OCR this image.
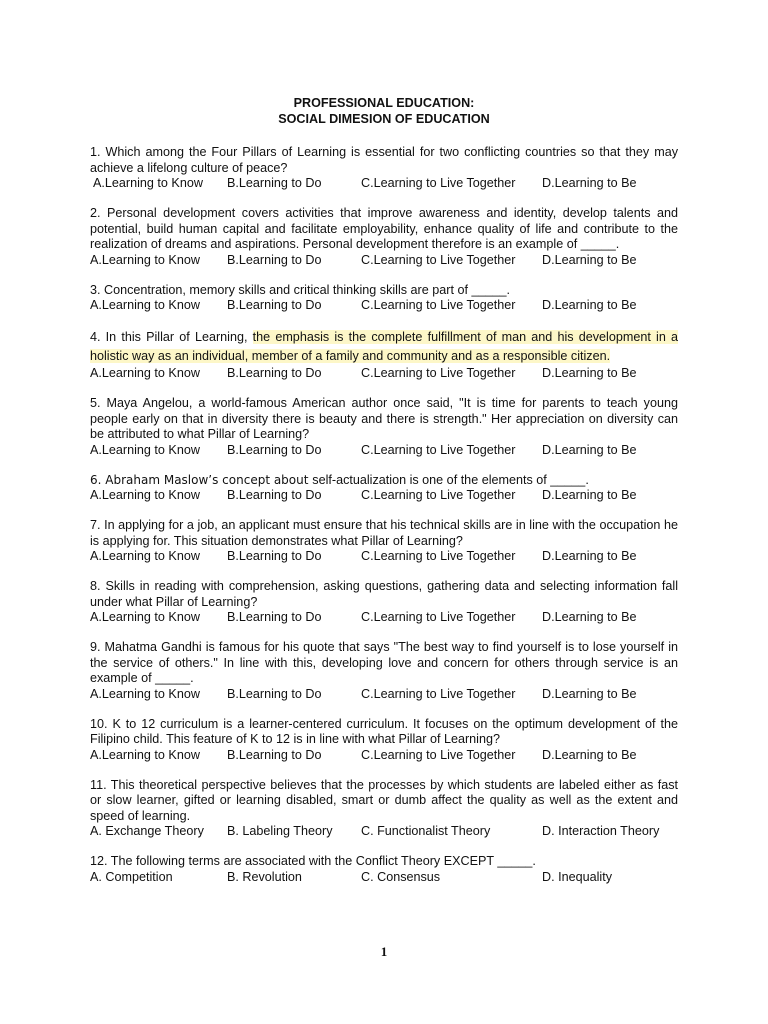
PROFESSIONAL EDUCATION:
SOCIAL DIMESION OF EDUCATION
1. Which among the Four Pillars of Learning is essential for two conflicting countries so that they may achieve a lifelong culture of peace?
A.Learning to Know B.Learning to Do	C.Learning to Live Together D.Learning to Be
2. Personal development covers activities that improve awareness and identity, develop talents and potential, build human capital and facilitate employability, enhance quality of life and contribute to the realization of dreams and aspirations. Personal development therefore is an example of _____.
A.Learning to Know B.Learning to Do	C.Learning to Live Together D.Learning to Be
3. Concentration, memory skills and critical thinking skills are part of _____.
A.Learning to Know B.Learning to Do	C.Learning to Live Together D.Learning to Be
4. In this Pillar of Learning, the emphasis is the complete fulfillment of man and his development in a holistic way as an individual, member of a family and community and as a responsible citizen.
A.Learning to Know B.Learning to Do	C.Learning to Live Together D.Learning to Be
5. Maya Angelou, a world-famous American author once said, "It is time for parents to teach young people early on that in diversity there is beauty and there is strength." Her appreciation on diversity can be attributed to what Pillar of Learning?
A.Learning to Know B.Learning to Do	C.Learning to Live Together D.Learning to Be
6. Abraham Maslow’s concept about self-actualization is one of the elements of _____.
A.Learning to Know B.Learning to Do	C.Learning to Live Together D.Learning to Be
7. In applying for a job, an applicant must ensure that his technical skills are in line with the occupation he is applying for. This situation demonstrates what Pillar of Learning?
A.Learning to Know B.Learning to Do	C.Learning to Live Together D.Learning to Be
8. Skills in reading with comprehension, asking questions, gathering data and selecting information fall under what Pillar of Learning?
A.Learning to Know B.Learning to Do	C.Learning to Live Together D.Learning to Be
9. Mahatma Gandhi is famous for his quote that says "The best way to find yourself is to lose yourself in the service of others." In line with this, developing love and concern for others through service is an example of _____.
A.Learning to Know B.Learning to Do	C.Learning to Live Together D.Learning to Be
10. K to 12 curriculum is a learner-centered curriculum. It focuses on the optimum development of the Filipino child. This feature of K to 12 is in line with what Pillar of Learning?
A.Learning to Know B.Learning to Do	C.Learning to Live Together D.Learning to Be
11. This theoretical perspective believes that the processes by which students are labeled either as fast or slow learner, gifted or learning disabled, smart or dumb affect the quality as well as the extent and speed of learning.
A. Exchange Theory B. Labeling Theory C. Functionalist Theory	D. Interaction Theory
12. The following terms are associated with the Conflict Theory EXCEPT _____.
A. Competition	B. Revolution	C. Consensus	D. Inequality
1
